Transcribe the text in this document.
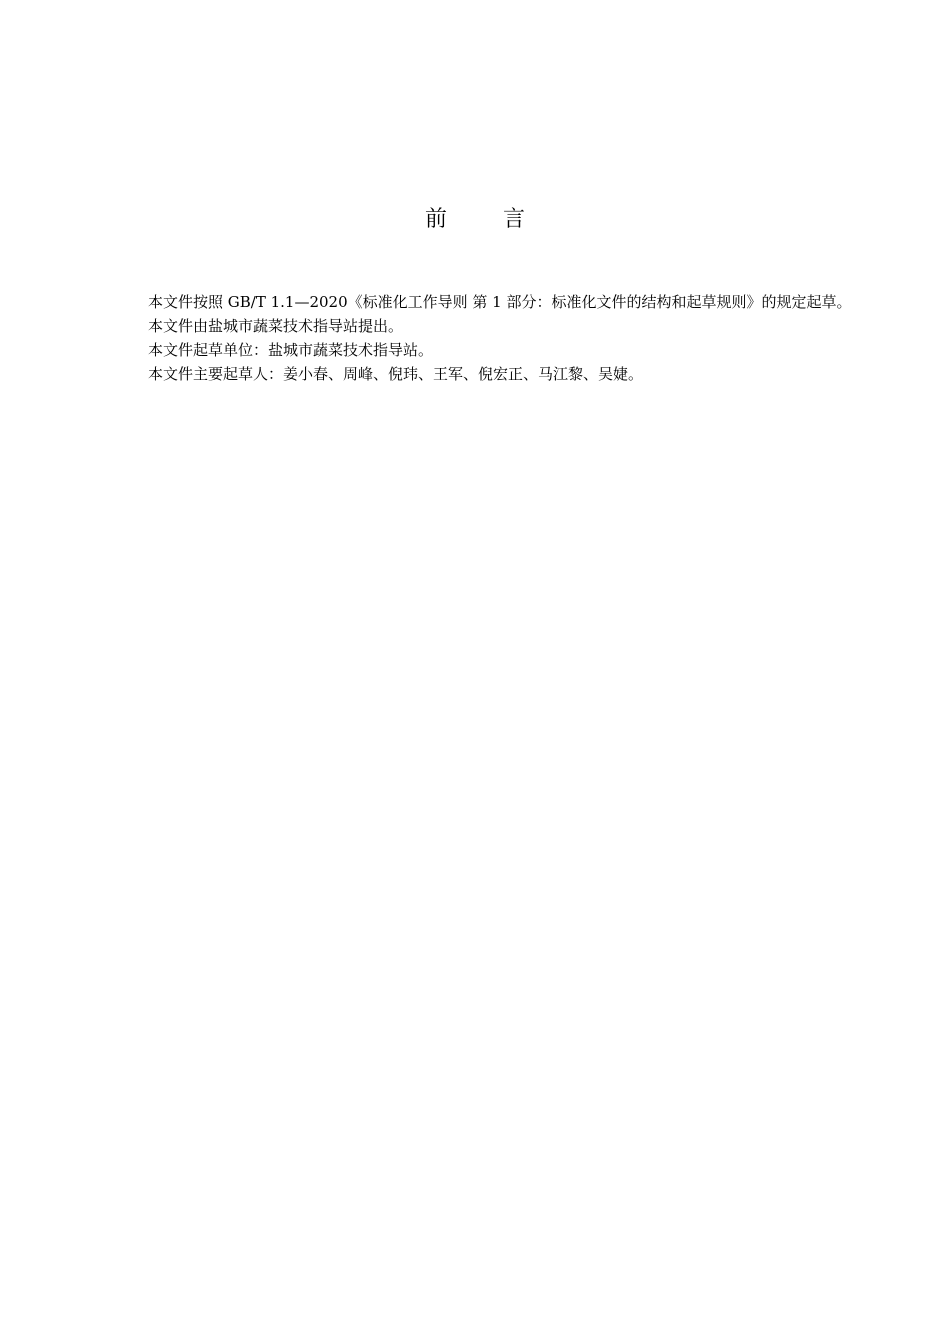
前	言

本文件按照 GB/T 1.1—2020《标准化工作导则 第 1 部分：标准化文件的结构和起草规则》的规定起草。

本文件由盐城市蔬菜技术指导站提出。

本文件起草单位：盐城市蔬菜技术指导站。

本文件主要起草人：姜小春、周峰、倪玮、王军、倪宏正、马江黎、吴婕。
